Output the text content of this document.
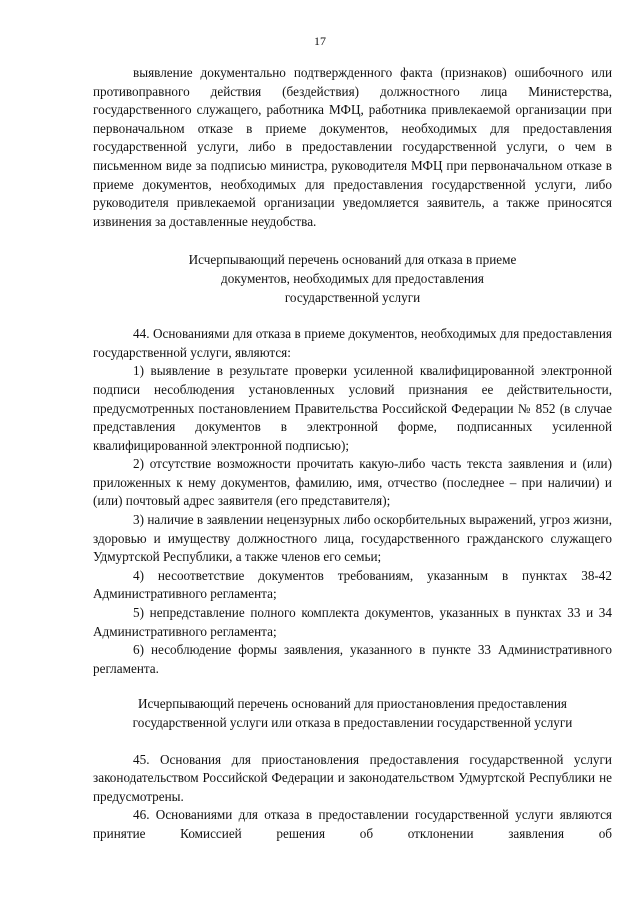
17

выявление документально подтвержденного факта (признаков) ошибочного или противоправного действия (бездействия) должностного лица Министерства, государственного служащего, работника МФЦ, работника привлекаемой организации при первоначальном отказе в приеме документов, необходимых для предоставления государственной услуги, либо в предоставлении государственной услуги, о чем в письменном виде за подписью министра, руководителя МФЦ при первоначальном отказе в приеме документов, необходимых для предоставления государственной услуги, либо руководителя привлекаемой организации уведомляется заявитель, а также приносятся извинения за доставленные неудобства.

Исчерпывающий перечень оснований для отказа в приеме

документов, необходимых для предоставления

государственной услуги

44. Основаниями для отказа в приеме документов, необходимых для предоставления государственной услуги, являются:

1) выявление в результате проверки усиленной квалифицированной электронной подписи несоблюдения установленных условий признания ее действительности, предусмотренных постановлением Правительства Российской Федерации № 852 (в случае представления документов в электронной форме, подписанных усиленной квалифицированной электронной подписью);

2) отсутствие возможности прочитать какую-либо часть текста заявления и (или) приложенных к нему документов, фамилию, имя, отчество (последнее – при наличии) и (или) почтовый адрес заявителя (его представителя);

3) наличие в заявлении нецензурных либо оскорбительных выражений, угроз жизни, здоровью и имуществу должностного лица, государственного гражданского служащего Удмуртской Республики, а также членов его семьи;

4) несоответствие документов требованиям, указанным в пунктах 38-42 Административного регламента;

5) непредставление полного комплекта документов, указанных в пунктах 33 и 34 Административного регламента;

6) несоблюдение формы заявления, указанного в пункте 33 Административного регламента.

Исчерпывающий перечень оснований для приостановления предоставления

государственной услуги или отказа в предоставлении государственной услуги

45. Основания для приостановления предоставления государственной услуги законодательством Российской Федерации и законодательством Удмуртской Республики не предусмотрены.

46. Основаниями для отказа в предоставлении государственной услуги являются принятие Комиссией решения об отклонении заявления об
